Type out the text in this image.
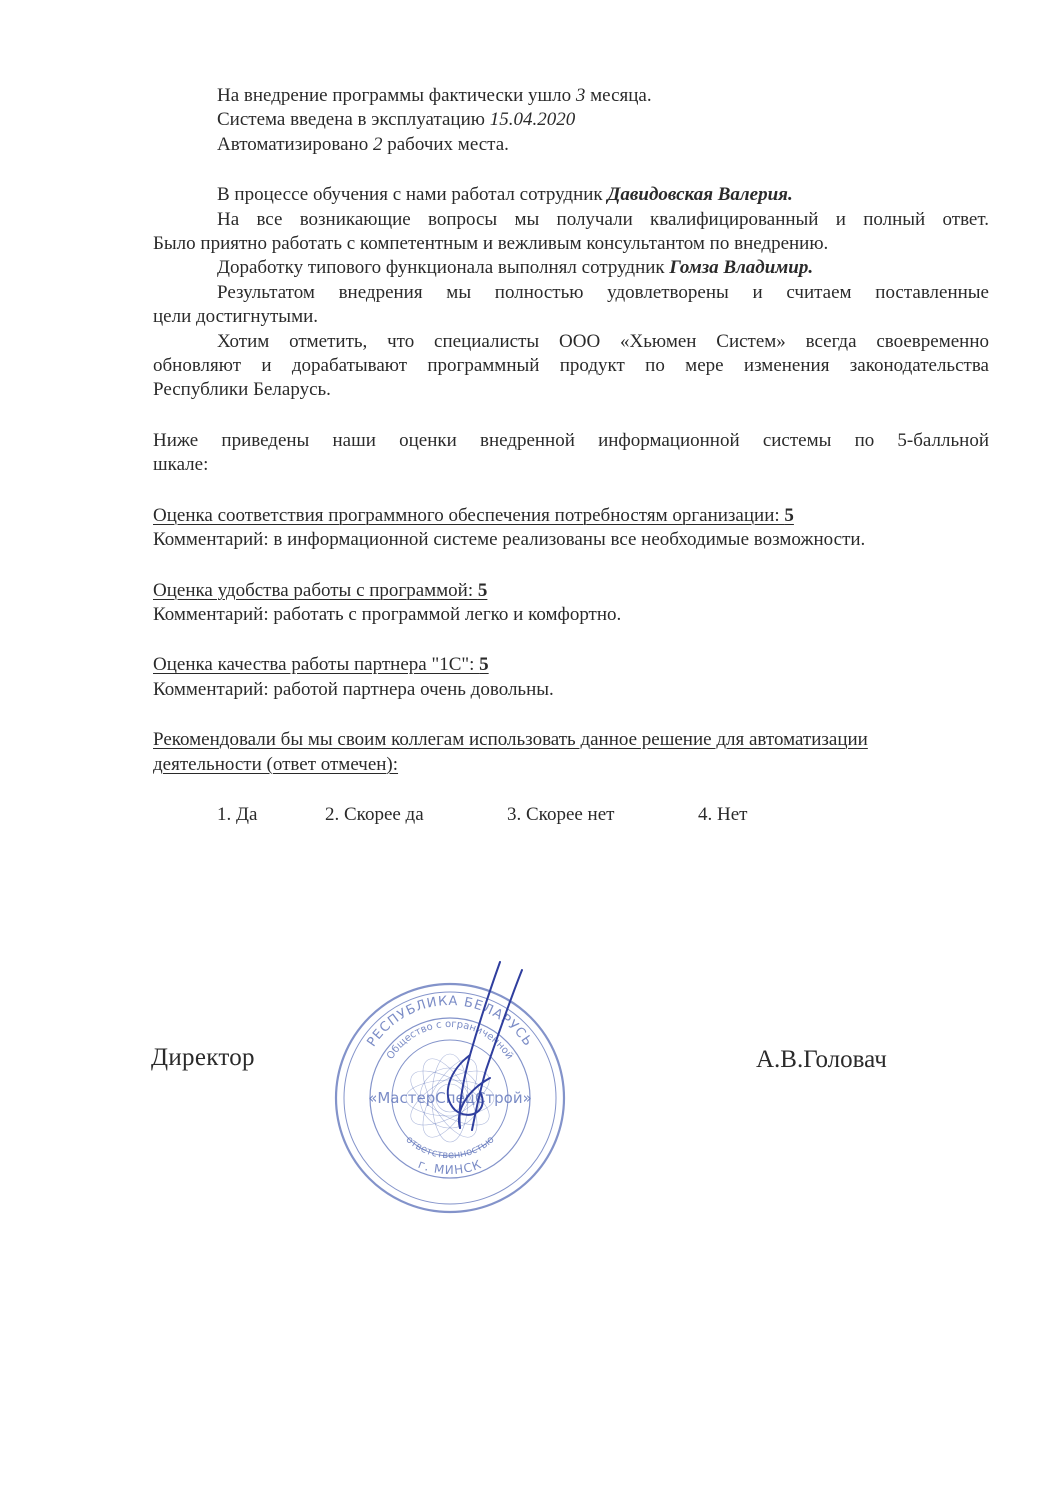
На внедрение программы фактически ушло 3 месяца.
Система введена в эксплуатацию 15.04.2020
Автоматизировано 2 рабочих места.
В процессе обучения с нами работал сотрудник Давидовская Валерия.
На все возникающие вопросы мы получали квалифицированный и полный ответ.
Было приятно работать с компетентным и вежливым консультантом по внедрению.
Доработку типового функционала выполнял сотрудник Гомза Владимир.
Результатом внедрения мы полностью удовлетворены и считаем поставленные
цели достигнутыми.
Хотим отметить, что специалисты ООО «Хьюмен Систем» всегда своевременно
обновляют и дорабатывают программный продукт по мере изменения законодательства
Республики Беларусь.
Ниже приведены наши оценки внедренной информационной системы по 5-балльной
шкале:
Оценка соответствия программного обеспечения потребностям организации: 5
Комментарий: в информационной системе реализованы все необходимые возможности.
Оценка удобства работы с программой: 5
Комментарий: работать с программой легко и комфортно.
Оценка качества работы партнера "1С": 5
Комментарий: работой партнера очень довольны.
Рекомендовали бы мы своим коллегам использовать данное решение для автоматизации
деятельности (ответ отмечен):
1. Да	2. Скорее да	3. Скорее нет	4. Нет
РЕСПУБЛИКА БЕЛАРУСЬ
Общество с ограниченной
«МастерСпецСтрой»
ответственностью
г. МИНСК
Директор	А.В.Головач
